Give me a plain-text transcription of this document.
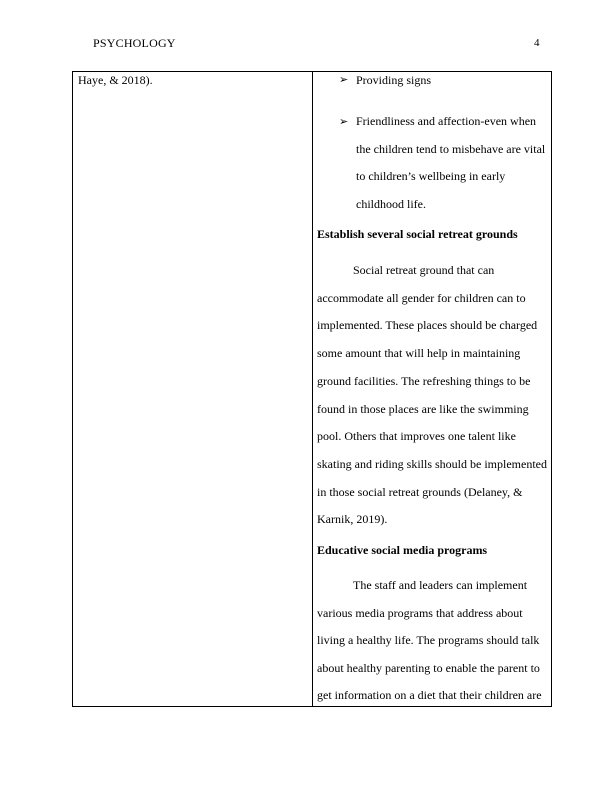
PSYCHOLOGY	4
Haye, & 2018).	➢ Providing signs
➢ Friendliness and affection-even when the children tend to misbehave are vital to children’s wellbeing in early childhood life.

Establish several social retreat grounds

Social retreat ground that can accommodate all gender for children can to implemented. These places should be charged some amount that will help in maintaining ground facilities. The refreshing things to be found in those places are like the swimming pool. Others that improves one talent like skating and riding skills should be implemented in those social retreat grounds (Delaney, & Karnik, 2019).

Educative social media programs

The staff and leaders can implement various media programs that address about living a healthy life. The programs should talk about healthy parenting to enable the parent to get information on a diet that their children are
